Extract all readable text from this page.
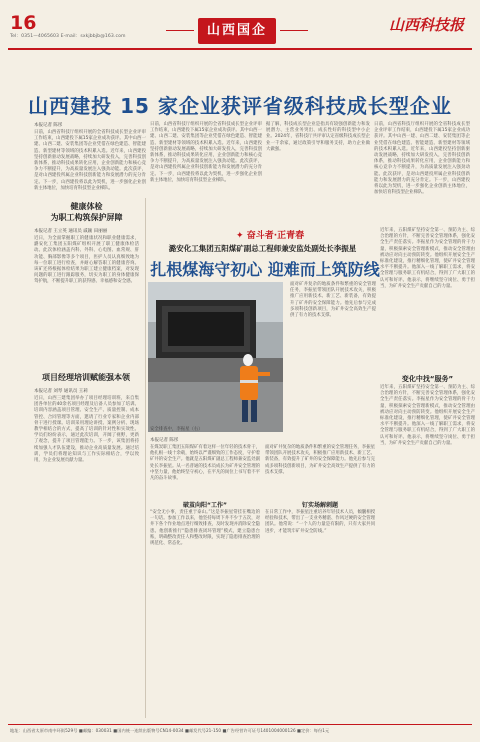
16
Tel：0351—4065603 E-mail：sxkjbbjb@163.com	山西国企	山西科技报
山西建投 15 家企业获评省级科技成长型企业
本报记者 陈彤
日前，山西省科技厅组织开展的全省科技成长型企业评审工作结束，山西建投下属15家企业成功获评。其中山西一建、山西二建、安装集团等企业凭借在绿色建造、智能建造、新型建材等领域的技术积累入选。近年来，山西建投坚持创新驱动发展战略，持续加大研发投入，完善科技创新体系，推动科技成果转化应用，企业创新能力和核心竞争力不断提升，为高质量发展注入强劲动能。此次获评，是对山西建投所属企业科技创新能力和发展潜力的充分肯定。下一步，山西建投将以此为契机，进一步强化企业创新主体地位，加快培育科技型企业梯队。
日前，山西省科技厅组织开展的全省科技成长型企业评审工作结束，山西建投下属15家企业成功获评。其中山西一建、山西二建、安装集团等企业凭借在绿色建造、智能建造、新型建材等领域的技术积累入选。近年来，山西建投坚持创新驱动发展战略，持续加大研发投入，完善科技创新体系，推动科技成果转化应用，企业创新能力和核心竞争力不断提升，为高质量发展注入强劲动能。此次获评，是对山西建投所属企业科技创新能力和发展潜力的充分肯定。下一步，山西建投将以此为契机，进一步强化企业创新主体地位，加快培育科技型企业梯队。
据了解，科技成长型企业是指具有较强创新能力和发展潜力、主营业务突出、成长性好的科技型中小企业。2024年，省科技厅共评审认定省级科技成长型企业一千余家，通过政策引导和服务支持，助力企业做大做强。
日前，山西省科技厅组织开展的全省科技成长型企业评审工作结束，山西建投下属15家企业成功获评。其中山西一建、山西二建、安装集团等企业凭借在绿色建造、智能建造、新型建材等领域的技术积累入选。近年来，山西建投坚持创新驱动发展战略，持续加大研发投入，完善科技创新体系，推动科技成果转化应用，企业创新能力和核心竞争力不断提升，为高质量发展注入强劲动能。此次获评，是对山西建投所属企业科技创新能力和发展潜力的充分肯定。下一步，山西建投将以此为契机，进一步强化企业创新主体地位，加快培育科技型企业梯队。
健康体检
为职工构筑保护屏障
本报记者 王立英 通讯员 戚颖 田丽丽
近日，为全面掌握职工的健康状况和职业健康需求，潞安化工集团五阳煤矿组织开展了职工健康体检活动。此次体检涵盖内科、外科、心电图、血常规、肝功能、胸部影像等多个项目，医护人员认真细致地为每一位职工进行检查，并耐心解答职工的健康咨询。该矿还将根据体检结果为职工建立健康档案，对发现问题的职工进行跟踪服务，切实为职工的身体健康保驾护航，不断提升职工的获得感、幸福感和安全感。
项目经理培训赋能强本领
本报记者 刘琴 通讯员 王莉
近日，山西三建集团举办了项目经理培训班，来自集团各单位的40余名项目经理及后备人员参加了培训。培训内容涵盖项目管理、安全生产、质量控制、成本管控、合同管理等方面，邀请了行业专家和企业内部骨干进行授课。培训采用理论讲授、案例分析、现场教学相结合的方式，提高了培训的针对性和实效性。学员们纷纷表示，通过此次培训，开阔了视野，更新了观念，提升了项目管理能力。下一步，该集团将持续加强人才队伍建设，推动企业高质量发展。通过培训，学员们将理论知识与工作实际相结合，学以致用，为企业发展贡献力量。
✦ 奋斗者·正青春
潞安化工集团五阳煤矿副总工程师兼安监处副处长李振星
扎根煤海守初心 迎难而上筑防线
安全排查中，李振星（右）
本报记者 陈彤
在煤炭职工集团五阳煤矿有着这样一位年轻的技术骨干，他扎根一线十余载，始终以严谨细致的工作态度，守护着矿井的安全生产。他就是五阳煤矿副总工程师兼安监处副处长李振星。从一名普通的技术员成长为矿井安全管理的中坚力量，他始终坚守初心，在平凡的岗位上书写着不平凡的奋斗故事。
破茧向阳“工作”
“安全无小事，责任重于泰山。”这是李振星常挂在嘴边的一句话。参加工作以来，他坚持每周下井不少于五次，对井下各个作业地点进行细致排查，及时发现并消除安全隐患。他创新推行“隐患排查闭环管理”模式，建立隐患台账，明确整改责任人和整改时限，实现了隐患排查治理的规范化、常态化。
面对矿井复杂的地质条件和繁重的安全管理任务，李振星带领团队开展技术攻关，积极推广应用新技术、新工艺、新装备，有效提升了矿井的安全保障能力。他先后参与完成多项科技创新项目，为矿井安全高效生产提供了有力的技术支撑。
面对矿井复杂的地质条件和繁重的安全管理任务，李振星带领团队开展技术攻关，积极推广应用新技术、新工艺、新装备，有效提升了矿井的安全保障能力。他先后参与完成多项科技创新项目，为矿井安全高效生产提供了有力的技术支撑。
钉实场解刺题
在日常工作中，李振星注重培养年轻技术人员，倾囊相授经验和技术，带出了一支业务精湛、作风过硬的安全管理团队。他常说：“一个人的力量是有限的，只有大家共同进步，才能筑牢矿井安全防线。”
变化中找“服务”
近年来，五阳煤矿坚持安全第一、预防为主、综合治理的方针，不断完善安全管理体系，强化安全生产责任落实。李振星作为安全管理的骨干力量，积极探索安全管理新模式，推动安全管理由被动应对向主动预防转变。他组织开展安全生产标准化建设，推行精细化管理，使矿井安全管理水平不断提升。他深入一线了解职工需求，将安全管理与服务职工有机结合，得到了广大职工的认可和好评。他表示，将继续坚守岗位、勇于担当，为矿井安全生产贡献自己的力量。
近年来，五阳煤矿坚持安全第一、预防为主、综合治理的方针，不断完善安全管理体系，强化安全生产责任落实。李振星作为安全管理的骨干力量，积极探索安全管理新模式，推动安全管理由被动应对向主动预防转变。他组织开展安全生产标准化建设，推行精细化管理，使矿井安全管理水平不断提升。他深入一线了解职工需求，将安全管理与服务职工有机结合，得到了广大职工的认可和好评。他表示，将继续坚守岗位、勇于担当，为矿井安全生产贡献自己的力量。
地址：山西省太原市南中环街529号 ■邮编：030031 ■国内统一连续出版物号CN14-0034 ■邮发代号21-150 ■广告经营许可证号1401004000126 ■定价：每份1元
